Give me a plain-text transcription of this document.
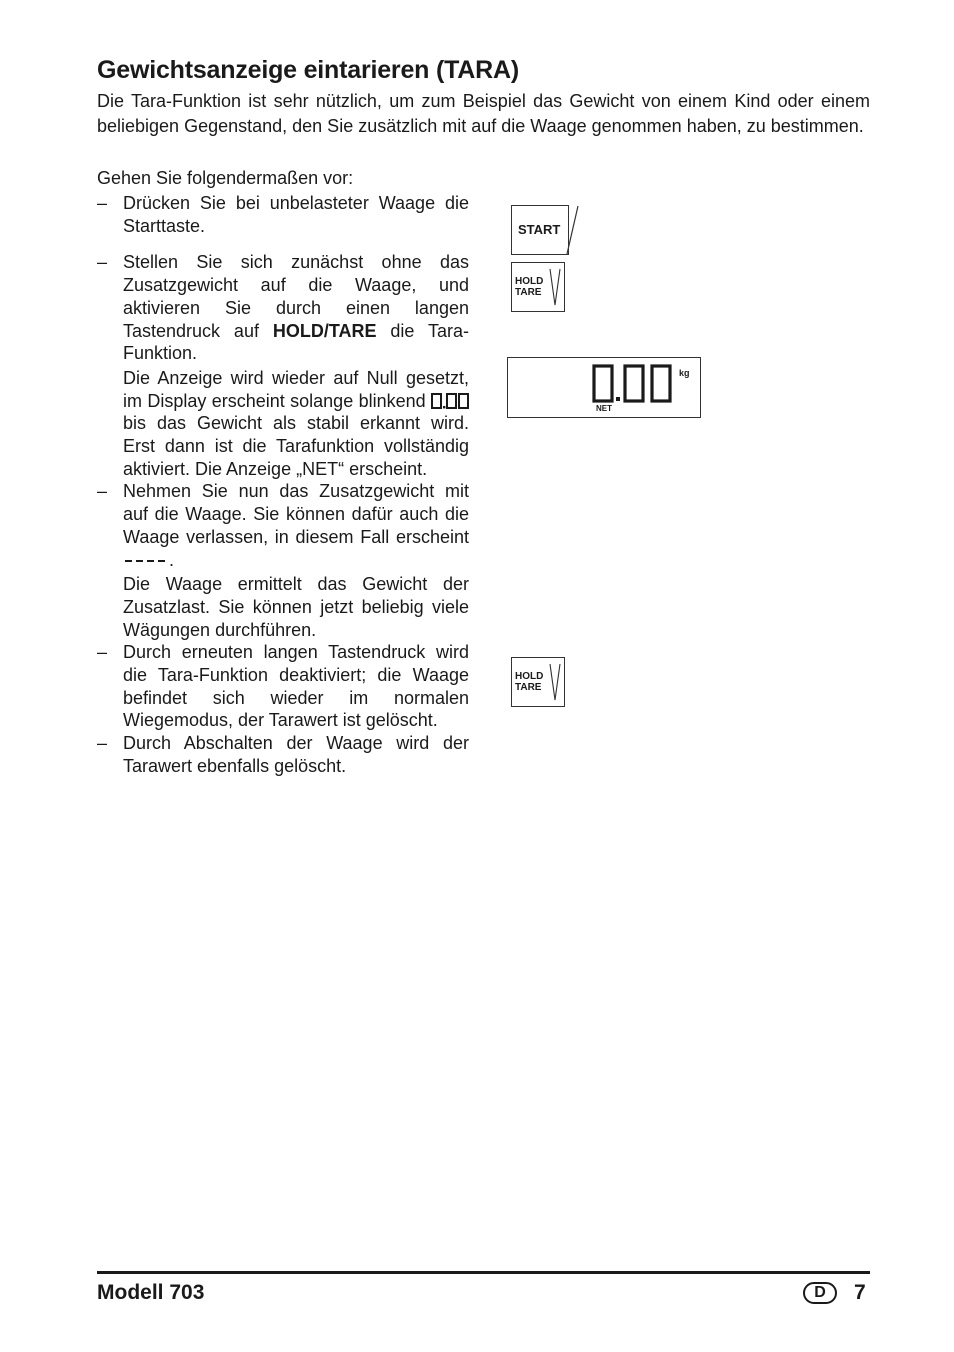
Gewichtsanzeige eintarieren (TARA)

Die Tara-Funktion ist sehr nützlich, um zum Beispiel das Gewicht von einem Kind oder einem beliebigen Gegenstand, den Sie zusätzlich mit auf die Waage genommen haben, zu bestimmen.

Gehen Sie folgendermaßen vor:

– Drücken Sie bei unbelasteter Waage die Starttaste.

– Stellen Sie sich zunächst ohne das Zusatzgewicht auf die Waage, und aktivieren Sie durch einen langen Tastendruck auf HOLD/TARE die Tara-Funktion.

Die Anzeige wird wieder auf Null gesetzt, im Display erscheint solange blinkend  bis das Gewicht als stabil erkannt wird. Erst dann ist die Tarafunktion vollständig aktiviert. Die Anzeige „NET“ erscheint.

– Nehmen Sie nun das Zusatzgewicht mit auf die Waage. Sie können dafür auch die Waage verlassen, in diesem Fall erscheint .

Die Waage ermittelt das Gewicht der Zusatzlast. Sie können jetzt beliebig viele Wägungen durchführen.

– Durch erneuten langen Tastendruck wird die Tara-Funktion deaktiviert; die Waage befindet sich wieder im normalen Wiegemodus, der Tarawert ist gelöscht.

– Durch Abschalten der Waage wird der Tarawert ebenfalls gelöscht.

START
HOLD
TARE
kg
NET
HOLD
TARE
Modell 703	D	7
